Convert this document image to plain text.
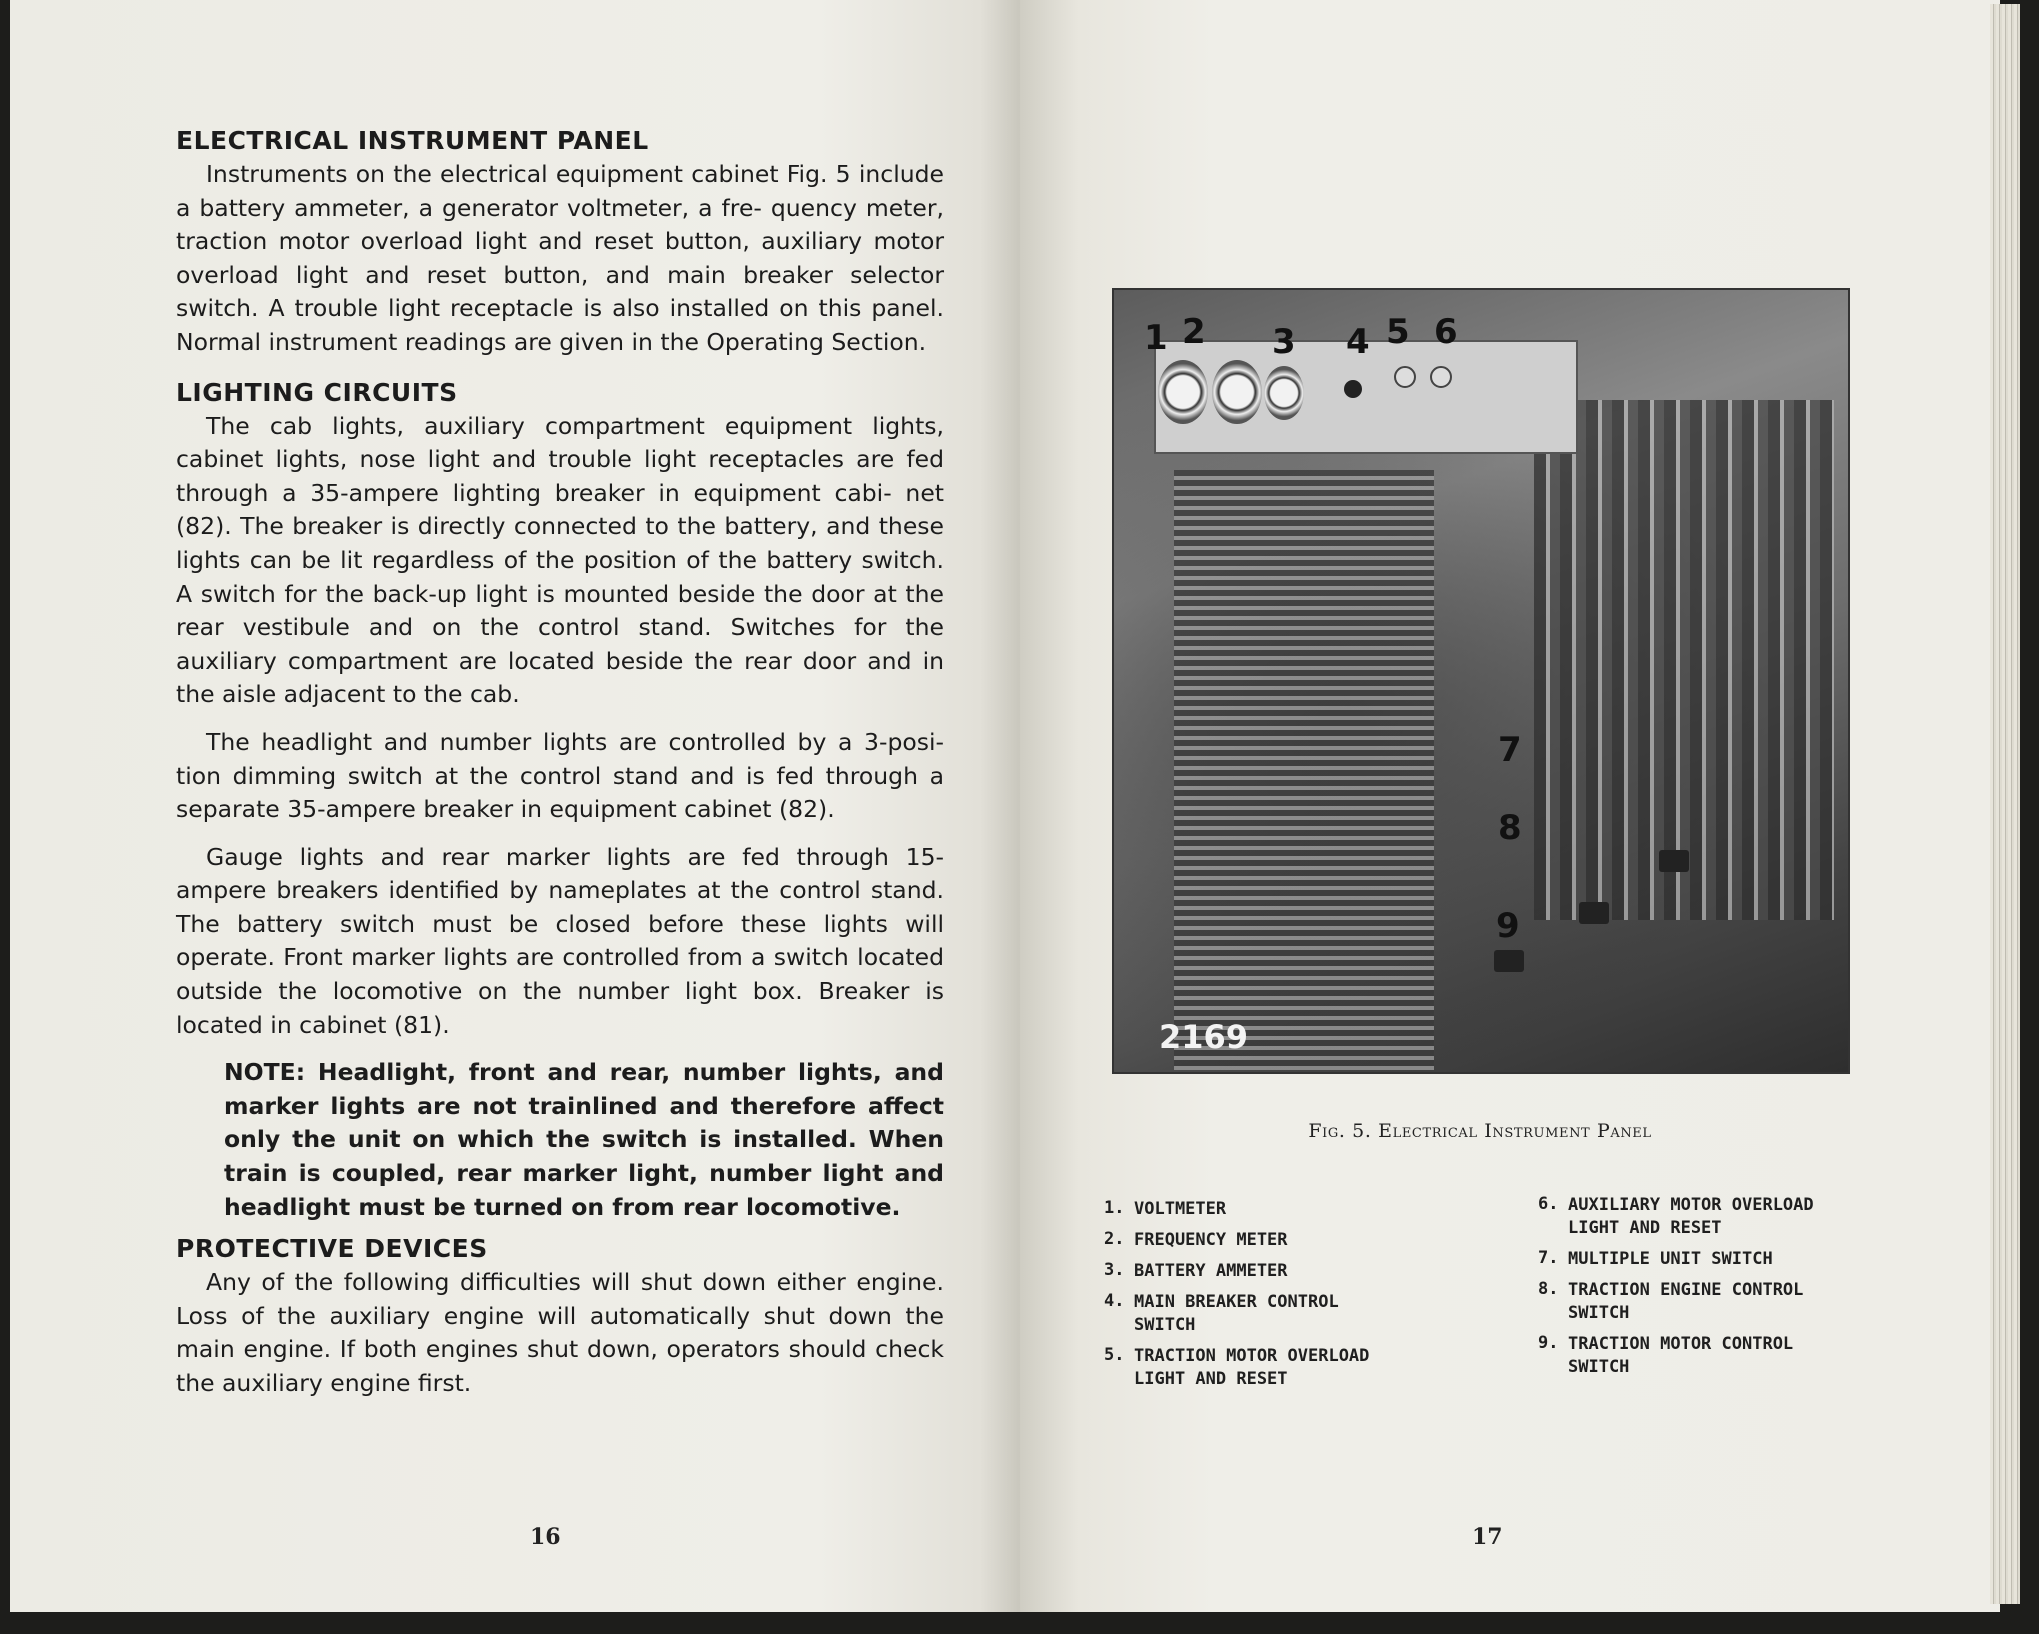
ELECTRICAL INSTRUMENT PANEL

Instruments on the electrical equipment cabinet Fig. 5 include a battery ammeter, a generator voltmeter, a fre- quency meter, traction motor overload light and reset button, auxiliary motor overload light and reset button, and main breaker selector switch. A trouble light receptacle is also installed on this panel. Normal instrument readings are given in the Operating Section.

LIGHTING CIRCUITS

The cab lights, auxiliary compartment equipment lights, cabinet lights, nose light and trouble light receptacles are fed through a 35-ampere lighting breaker in equipment cabi- net (82). The breaker is directly connected to the battery, and these lights can be lit regardless of the position of the battery switch. A switch for the back-up light is mounted beside the door at the rear vestibule and on the control stand. Switches for the auxiliary compartment are located beside the rear door and in the aisle adjacent to the cab.

The headlight and number lights are controlled by a 3-posi- tion dimming switch at the control stand and is fed through a separate 35-ampere breaker in equipment cabinet (82).

Gauge lights and rear marker lights are fed through 15- ampere breakers identified by nameplates at the control stand. The battery switch must be closed before these lights will operate. Front marker lights are controlled from a switch located outside the locomotive on the number light box. Breaker is located in cabinet (81).

NOTE: Headlight, front and rear, number lights, and marker lights are not trainlined and therefore affect only the unit on which the switch is installed. When train is coupled, rear marker light, number light and headlight must be turned on from rear locomotive.

PROTECTIVE DEVICES

Any of the following difficulties will shut down either engine. Loss of the auxiliary engine will automatically shut down the main engine. If both engines shut down, operators should check the auxiliary engine first.

16
1 2 3 4 5 6
7
8
9
2169
Fig. 5. Electrical Instrument Panel
1. VOLTMETER
2. FREQUENCY METER
3. BATTERY AMMETER
4. MAIN BREAKER CONTROL
SWITCH
5. TRACTION MOTOR OVERLOAD
LIGHT AND RESET
6. AUXILIARY MOTOR OVERLOAD
LIGHT AND RESET
7. MULTIPLE UNIT SWITCH
8. TRACTION ENGINE CONTROL
SWITCH
9. TRACTION MOTOR CONTROL
SWITCH
17
